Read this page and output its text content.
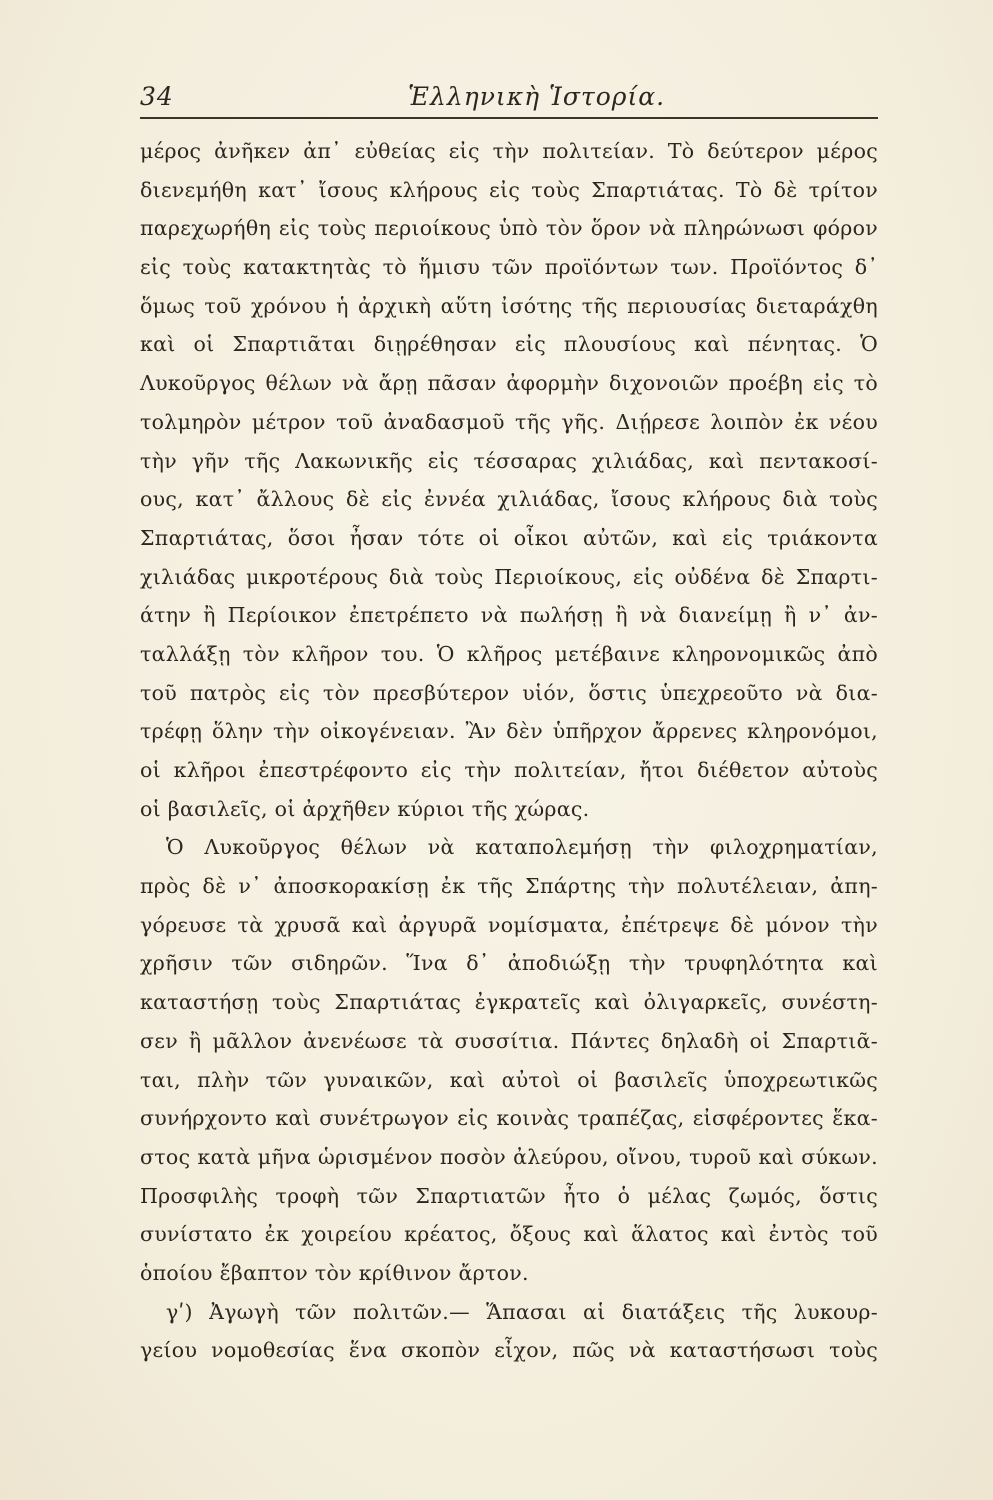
34	Ἑλληνικὴ Ἱστορία.
μέρος ἀνῆκεν ἀπ᾽ εὐθείας εἰς τὴν πολιτείαν. Τὸ δεύτερον μέρος
διενεμήθη κατ᾽ ἴσους κλήρους εἰς τοὺς Σπαρτιάτας. Τὸ δὲ τρίτον
παρεχωρήθη εἰς τοὺς περιοίκους ὑπὸ τὸν ὅρον νὰ πληρώνωσι φόρον
εἰς τοὺς κατακτητὰς τὸ ἥμισυ τῶν προϊόντων των. Προϊόντος δ᾽
ὅμως τοῦ χρόνου ἡ ἀρχικὴ αὕτη ἰσότης τῆς περιουσίας διεταράχθη
καὶ οἱ Σπαρτιᾶται διῃρέθησαν εἰς πλουσίους καὶ πένητας. Ὁ
Λυκοῦργος θέλων νὰ ἄρῃ πᾶσαν ἀφορμὴν διχονοιῶν προέβη εἰς τὸ
τολμηρὸν μέτρον τοῦ ἀναδασμοῦ τῆς γῆς. Διῄρεσε λοιπὸν ἐκ νέου
τὴν γῆν τῆς Λακωνικῆς εἰς τέσσαρας χιλιάδας, καὶ πεντακοσί-
ους, κατ᾽ ἄλλους δὲ εἰς ἐννέα χιλιάδας, ἴσους κλήρους διὰ τοὺς
Σπαρτιάτας, ὅσοι ἦσαν τότε οἱ οἶκοι αὐτῶν, καὶ εἰς τριάκοντα
χιλιάδας μικροτέρους διὰ τοὺς Περιοίκους, εἰς οὐδένα δὲ Σπαρτι-
άτην ἢ Περίοικον ἐπετρέπετο νὰ πωλήσῃ ἢ νὰ διανείμῃ ἢ ν᾽ ἀν-
ταλλάξῃ τὸν κλῆρον του. Ὁ κλῆρος μετέβαινε κληρονομικῶς ἀπὸ
τοῦ πατρὸς εἰς τὸν πρεσβύτερον υἱόν, ὅστις ὑπεχρεοῦτο νὰ δια-
τρέφῃ ὅλην τὴν οἰκογένειαν. Ἂν δὲν ὑπῆρχον ἄρρενες κληρονόμοι,
οἱ κλῆροι ἐπεστρέφοντο εἰς τὴν πολιτείαν, ἤτοι διέθετον αὐτοὺς
οἱ βασιλεῖς, οἱ ἀρχῆθεν κύριοι τῆς χώρας.
Ὁ Λυκοῦργος θέλων νὰ καταπολεμήσῃ τὴν φιλοχρηματίαν,
πρὸς δὲ ν᾽ ἀποσκορακίσῃ ἐκ τῆς Σπάρτης τὴν πολυτέλειαν, ἀπη-
γόρευσε τὰ χρυσᾶ καὶ ἀργυρᾶ νομίσματα, ἐπέτρεψε δὲ μόνον τὴν
χρῆσιν τῶν σιδηρῶν. Ἵνα δ᾽ ἀποδιώξῃ τὴν τρυφηλότητα καὶ
καταστήσῃ τοὺς Σπαρτιάτας ἐγκρατεῖς καὶ ὀλιγαρκεῖς, συνέστη-
σεν ἢ μᾶλλον ἀνενέωσε τὰ συσσίτια. Πάντες δηλαδὴ οἱ Σπαρτιᾶ-
ται, πλὴν τῶν γυναικῶν, καὶ αὐτοὶ οἱ βασιλεῖς ὑποχρεωτικῶς
συνήρχοντο καὶ συνέτρωγον εἰς κοινὰς τραπέζας, εἰσφέροντες ἕκα-
στος κατὰ μῆνα ὡρισμένον ποσὸν ἀλεύρου, οἴνου, τυροῦ καὶ σύκων.
Προσφιλὴς τροφὴ τῶν Σπαρτιατῶν ἦτο ὁ μέλας ζωμός, ὅστις
συνίστατο ἐκ χοιρείου κρέατος, ὄξους καὶ ἅλατος καὶ ἐντὸς τοῦ
ὁποίου ἔβαπτον τὸν κρίθινον ἄρτον.
γʹ) Ἀγωγὴ τῶν πολιτῶν.— Ἅπασαι αἱ διατάξεις τῆς λυκουρ-
γείου νομοθεσίας ἕνα σκοπὸν εἶχον, πῶς νὰ καταστήσωσι τοὺς
